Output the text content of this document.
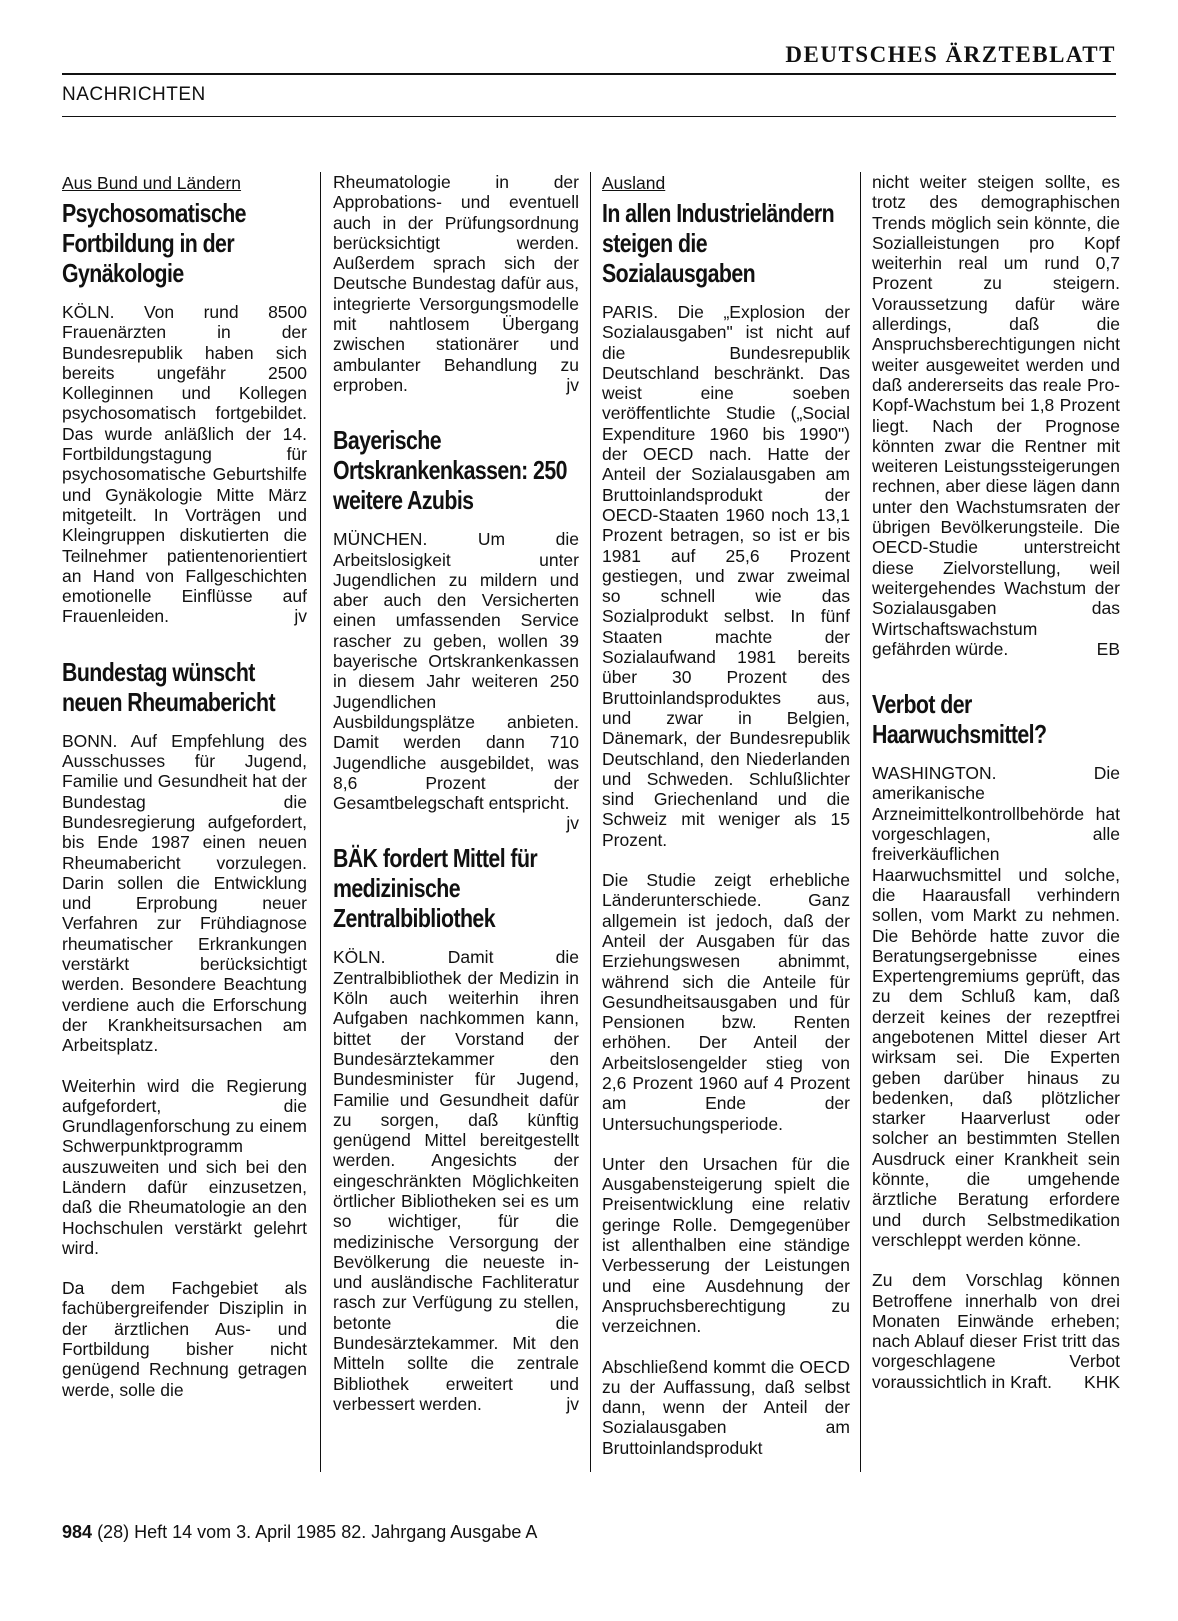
DEUTSCHES ÄRZTEBLATT
NACHRICHTEN
Aus Bund und Ländern
Psychosomatische Fortbildung in der Gynäkologie

KÖLN. Von rund 8500 Frauenärzten in der Bundesrepublik haben sich bereits ungefähr 2500 Kolleginnen und Kollegen psychosomatisch fortgebildet. Das wurde anläßlich der 14. Fortbildungstagung für psychosomatische Geburtshilfe und Gynäkologie Mitte März mitgeteilt. In Vorträgen und Kleingruppen diskutierten die Teilnehmer patientenorientiert an Hand von Fallgeschichten emotionelle Einflüsse auf Frauenleiden.	jv

Bundestag wünscht neuen Rheumabericht

BONN. Auf Empfehlung des Ausschusses für Jugend, Familie und Gesundheit hat der Bundestag die Bundesregierung aufgefordert, bis Ende 1987 einen neuen Rheumabericht vorzulegen. Darin sollen die Entwicklung und Erprobung neuer Verfahren zur Frühdiagnose rheumatischer Erkrankungen verstärkt berücksichtigt werden. Besondere Beachtung verdiene auch die Erforschung der Krankheitsursachen am Arbeitsplatz.

Weiterhin wird die Regierung aufgefordert, die Grundlagenforschung zu einem Schwerpunktprogramm auszuweiten und sich bei den Ländern dafür einzusetzen, daß die Rheumatologie an den Hochschulen verstärkt gelehrt wird.

Da dem Fachgebiet als fachübergreifender Disziplin in der ärztlichen Aus- und Fortbildung bisher nicht genügend Rechnung getragen werde, solle die

Rheumatologie in der Approbations- und eventuell auch in der Prüfungsordnung berücksichtigt werden. Außerdem sprach sich der Deutsche Bundestag dafür aus, integrierte Versorgungsmodelle mit nahtlosem Übergang zwischen stationärer und ambulanter Behandlung zu erproben.	jv

Bayerische Ortskrankenkassen: 250 weitere Azubis

MÜNCHEN. Um die Arbeitslosigkeit unter Jugendlichen zu mildern und aber auch den Versicherten einen umfassenden Service rascher zu geben, wollen 39 bayerische Ortskrankenkassen in diesem Jahr weiteren 250 Jugendlichen Ausbildungsplätze anbieten. Damit werden dann 710 Jugendliche ausgebildet, was 8,6 Prozent der Gesamtbelegschaft entspricht.
jv

BÄK fordert Mittel für medizinische Zentralbibliothek

KÖLN. Damit die Zentralbibliothek der Medizin in Köln auch weiterhin ihren Aufgaben nachkommen kann, bittet der Vorstand der Bundesärztekammer den Bundesminister für Jugend, Familie und Gesundheit dafür zu sorgen, daß künftig genügend Mittel bereitgestellt werden. Angesichts der eingeschränkten Möglichkeiten örtlicher Bibliotheken sei es um so wichtiger, für die medizinische Versorgung der Bevölkerung die neueste in- und ausländische Fachliteratur rasch zur Verfügung zu stellen, betonte die Bundesärztekammer. Mit den Mitteln sollte die zentrale Bibliothek erweitert und verbessert werden.	jv

Ausland
In allen Industrieländern steigen die Sozialausgaben

PARIS. Die „Explosion der Sozialausgaben" ist nicht auf die Bundesrepublik Deutschland beschränkt. Das weist eine soeben veröffentlichte Studie („Social Expenditure 1960 bis 1990") der OECD nach. Hatte der Anteil der Sozialausgaben am Bruttoinlandsprodukt der OECD-Staaten 1960 noch 13,1 Prozent betragen, so ist er bis 1981 auf 25,6 Prozent gestiegen, und zwar zweimal so schnell wie das Sozialprodukt selbst. In fünf Staaten machte der Sozialaufwand 1981 bereits über 30 Prozent des Bruttoinlandsproduktes aus, und zwar in Belgien, Dänemark, der Bundesrepublik Deutschland, den Niederlanden und Schweden. Schlußlichter sind Griechenland und die Schweiz mit weniger als 15 Prozent.

Die Studie zeigt erhebliche Länderunterschiede. Ganz allgemein ist jedoch, daß der Anteil der Ausgaben für das Erziehungswesen abnimmt, während sich die Anteile für Gesundheitsausgaben und für Pensionen bzw. Renten erhöhen. Der Anteil der Arbeitslosengelder stieg von 2,6 Prozent 1960 auf 4 Prozent am Ende der Untersuchungsperiode.

Unter den Ursachen für die Ausgabensteigerung spielt die Preisentwicklung eine relativ geringe Rolle. Demgegenüber ist allenthalben eine ständige Verbesserung der Leistungen und eine Ausdehnung der Anspruchsberechtigung zu verzeichnen.

Abschließend kommt die OECD zu der Auffassung, daß selbst dann, wenn der Anteil der Sozialausgaben am Bruttoinlandsprodukt

nicht weiter steigen sollte, es trotz des demographischen Trends möglich sein könnte, die Sozialleistungen pro Kopf weiterhin real um rund 0,7 Prozent zu steigern. Voraussetzung dafür wäre allerdings, daß die Anspruchsberechtigungen nicht weiter ausgeweitet werden und daß andererseits das reale Pro-Kopf-Wachstum bei 1,8 Prozent liegt. Nach der Prognose könnten zwar die Rentner mit weiteren Leistungssteigerungen rechnen, aber diese lägen dann unter den Wachstumsraten der übrigen Bevölkerungsteile. Die OECD-Studie unterstreicht diese Zielvorstellung, weil weitergehendes Wachstum der Sozialausgaben das Wirtschaftswachstum gefährden würde.	EB

Verbot der Haarwuchsmittel?

WASHINGTON. Die amerikanische Arzneimittelkontrollbehörde hat vorgeschlagen, alle freiverkäuflichen Haarwuchsmittel und solche, die Haarausfall verhindern sollen, vom Markt zu nehmen. Die Behörde hatte zuvor die Beratungsergebnisse eines Expertengremiums geprüft, das zu dem Schluß kam, daß derzeit keines der rezeptfrei angebotenen Mittel dieser Art wirksam sei. Die Experten geben darüber hinaus zu bedenken, daß plötzlicher starker Haarverlust oder solcher an bestimmten Stellen Ausdruck einer Krankheit sein könnte, die umgehende ärztliche Beratung erfordere und durch Selbstmedikation verschleppt werden könne.

Zu dem Vorschlag können Betroffene innerhalb von drei Monaten Einwände erheben; nach Ablauf dieser Frist tritt das vorgeschlagene Verbot voraussichtlich in Kraft. KHK

984 (28) Heft 14 vom 3. April 1985 82. Jahrgang Ausgabe A
